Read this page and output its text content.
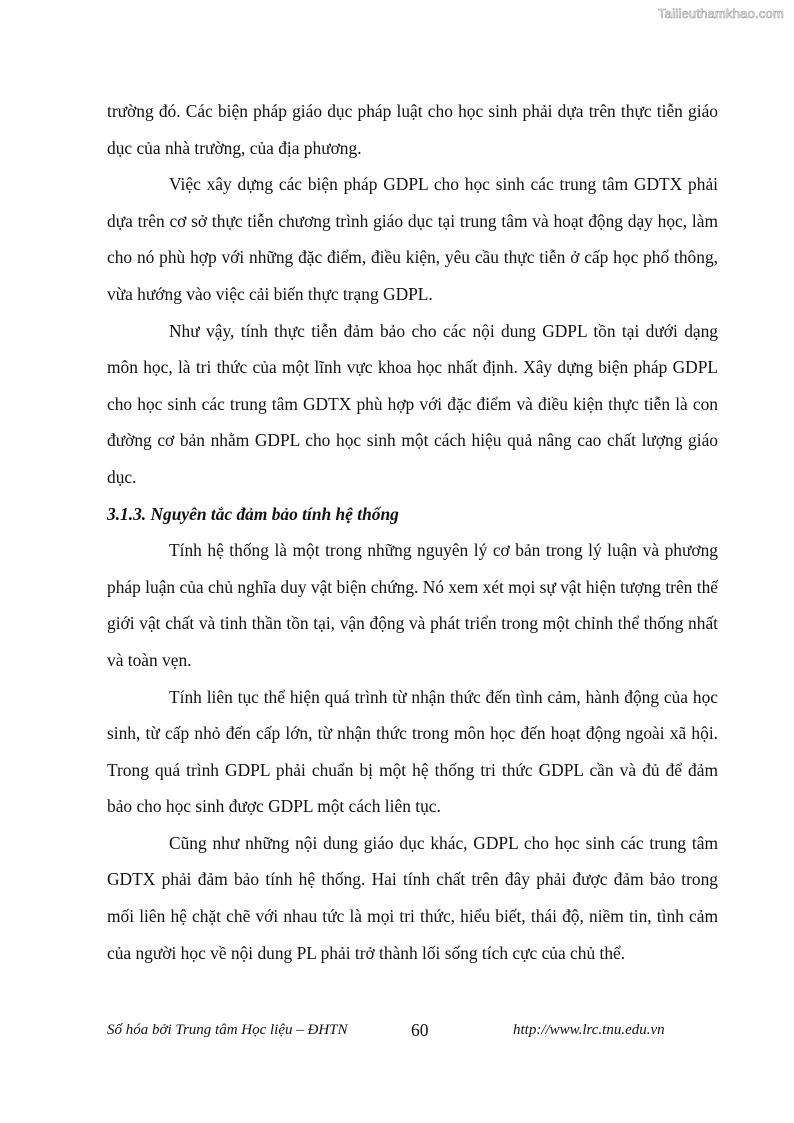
Tailieuthamkhao.com

trường đó. Các biện pháp giáo dục pháp luật cho học sinh phải dựa trên thực tiễn giáo dục của nhà trường, của địa phương.

Việc xây dựng các biện pháp GDPL cho học sinh các trung tâm GDTX phải dựa trên cơ sở thực tiễn chương trình giáo dục tại trung tâm và hoạt động dạy học, làm cho nó phù hợp với những đặc điểm, điều kiện, yêu cầu thực tiễn ở cấp học phổ thông, vừa hướng vào việc cải biến thực trạng GDPL.

Như vậy, tính thực tiễn đảm bảo cho các nội dung GDPL tồn tại dưới dạng môn học, là tri thức của một lĩnh vực khoa học nhất định. Xây dựng biện pháp GDPL cho học sinh các trung tâm GDTX phù hợp với đặc điểm và điều kiện thực tiễn là con đường cơ bản nhằm GDPL cho học sinh một cách hiệu quả nâng cao chất lượng giáo dục.

3.1.3. Nguyên tắc đảm bảo tính hệ thống

Tính hệ thống là một trong những nguyên lý cơ bản trong lý luận và phương pháp luận của chủ nghĩa duy vật biện chứng. Nó xem xét mọi sự vật hiện tượng trên thế giới vật chất và tinh thần tồn tại, vận động và phát triển trong một chỉnh thể thống nhất và toàn vẹn.

Tính liên tục thể hiện quá trình từ nhận thức đến tình cảm, hành động của học sinh, từ cấp nhỏ đến cấp lớn, từ nhận thức trong môn học đến hoạt động ngoài xã hội. Trong quá trình GDPL phải chuẩn bị một hệ thống tri thức GDPL cần và đủ để đảm bảo cho học sinh được GDPL một cách liên tục.

Cũng như những nội dung giáo dục khác, GDPL cho học sinh các trung tâm GDTX phải đảm bảo tính hệ thống. Hai tính chất trên đây phải được đảm bảo trong mối liên hệ chặt chẽ với nhau tức là mọi tri thức, hiểu biết, thái độ, niềm tin, tình cảm của người học về nội dung PL phải trở thành lối sống tích cực của chủ thể.

Số hóa bởi Trung tâm Học liệu – ĐHTN	60	http://www.lrc.tnu.edu.vn
